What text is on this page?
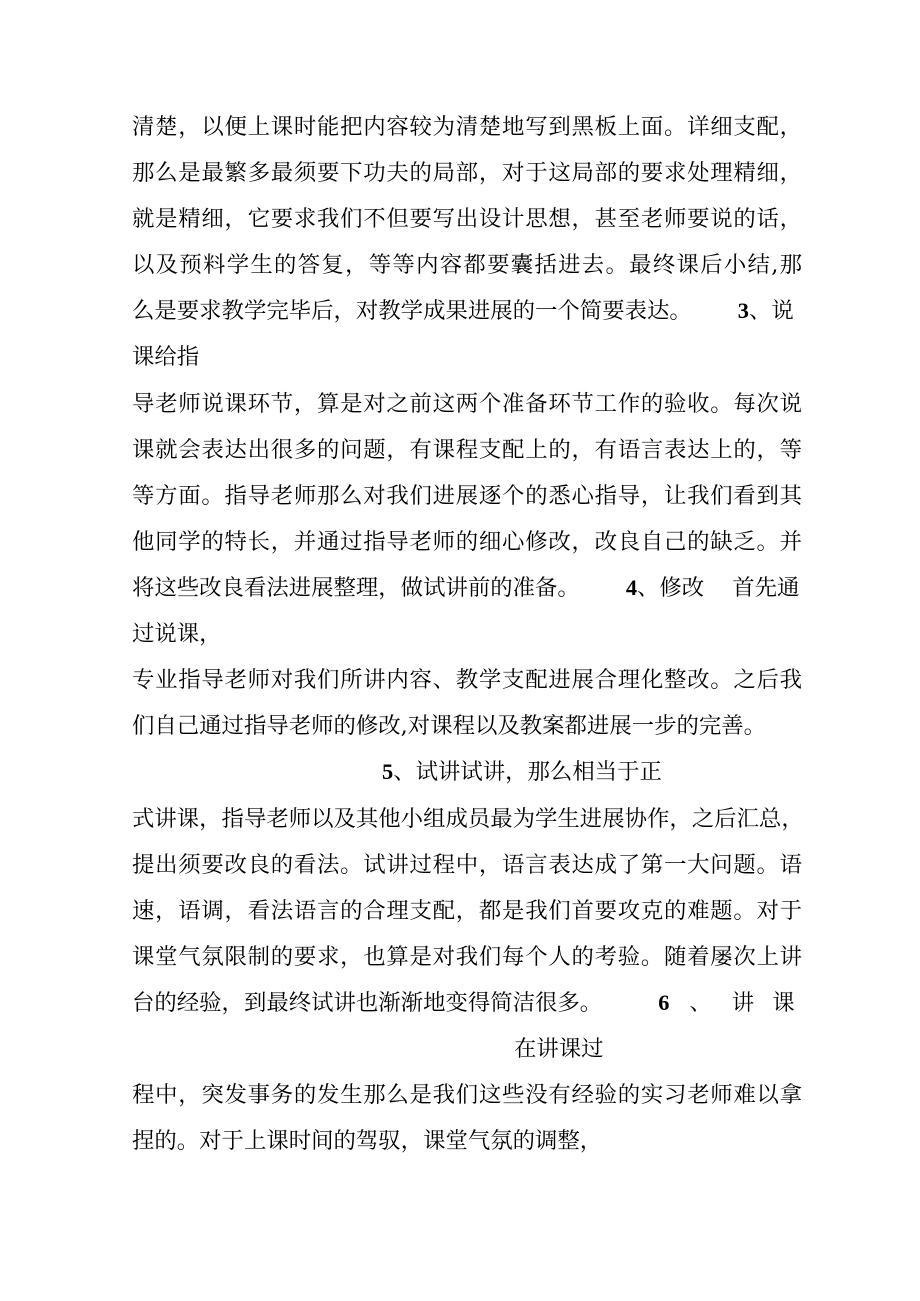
清楚，以便上课时能把内容较为清楚地写到黑板上面。详细支配，
那么是最繁多最须要下功夫的局部，对于这局部的要求处理精细，
就是精细，它要求我们不但要写出设计思想，甚至老师要说的话，
以及预料学生的答复，等等内容都要囊括进去。最终课后小结,那
么是要求教学完毕后，对教学成果进展的一个简要表达。 3、说
课给指
导老师说课环节，算是对之前这两个准备环节工作的验收。每次说
课就会表达出很多的问题，有课程支配上的，有语言表达上的，等
等方面。指导老师那么对我们进展逐个的悉心指导，让我们看到其
他同学的特长，并通过指导老师的细心修改，改良自己的缺乏。并
将这些改良看法进展整理，做试讲前的准备。 4、修改 首先通
过说课，
专业指导老师对我们所讲内容、教学支配进展合理化整改。之后我
们自己通过指导老师的修改,对课程以及教案都进展一步的完善。
5、试讲试讲，那么相当于正
式讲课，指导老师以及其他小组成员最为学生进展协作，之后汇总，
提出须要改良的看法。试讲过程中，语言表达成了第一大问题。语
速，语调，看法语言的合理支配，都是我们首要攻克的难题。对于
课堂气氛限制的要求，也算是对我们每个人的考验。随着屡次上讲
台的经验，到最终试讲也渐渐地变得简洁很多。	6 、 讲 课
在讲课过
程中，突发事务的发生那么是我们这些没有经验的实习老师难以拿
捏的。对于上课时间的驾驭，课堂气氛的调整，
